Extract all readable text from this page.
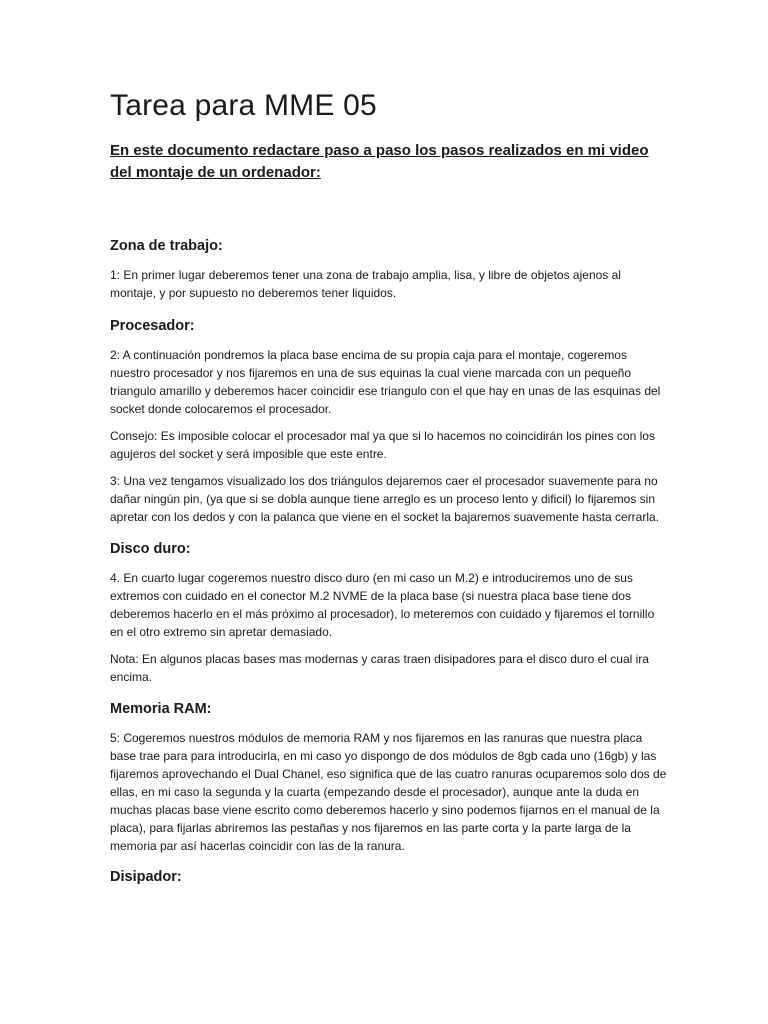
Tarea para MME 05

En este documento redactare paso a paso los pasos realizados en mi video del montaje de un ordenador:

Zona de trabajo:

1: En primer lugar deberemos tener una zona de trabajo amplia, lisa, y libre de objetos ajenos al montaje, y por supuesto no deberemos tener liquidos.

Procesador:

2: A continuación pondremos la placa base encima de su propia caja para el montaje, cogeremos nuestro procesador y nos fijaremos en una de sus equinas la cual viene marcada con un pequeño triangulo amarillo y deberemos hacer coincidir ese triangulo con el que hay en unas de las esquinas del socket donde colocaremos el procesador.

Consejo: Es imposible colocar el procesador mal ya que si lo hacemos no coincidirán los pines con los agujeros del socket y será imposible que este entre.

3: Una vez tengamos visualizado los dos triángulos dejaremos caer el procesador suavemente para no dañar ningún pin, (ya que si se dobla aunque tiene arreglo es un proceso lento y dificil) lo fijaremos sin apretar con los dedos y con la palanca que viene en el socket la bajaremos suavemente hasta cerrarla.

Disco duro:

4. En cuarto lugar cogeremos nuestro disco duro (en mi caso un M.2) e introduciremos uno de sus extremos con cuidado en el conector M.2 NVME de la placa base (si nuestra placa base tiene dos deberemos hacerlo en el más próximo al procesador), lo meteremos con cuidado y fijaremos el tornillo en el otro extremo sin apretar demasiado.

Nota: En algunos placas bases mas modernas y caras traen disipadores para el disco duro el cual ira encima.

Memoria RAM:

5: Cogeremos nuestros módulos de memoria RAM y nos fijaremos en las ranuras que nuestra placa base trae para para introducirla, en mi caso yo dispongo de dos módulos de 8gb cada uno (16gb) y las fijaremos aprovechando el Dual Chanel, eso significa que de las cuatro ranuras ocuparemos solo dos de ellas, en mi caso la segunda y la cuarta (empezando desde el procesador), aunque ante la duda en muchas placas base viene escrito como deberemos hacerlo y sino podemos fijarnos en el manual de la placa), para fijarlas abriremos las pestañas y nos fijaremos en las parte corta y la parte larga de la memoria par así hacerlas coincidir con las de la ranura.

Disipador:
